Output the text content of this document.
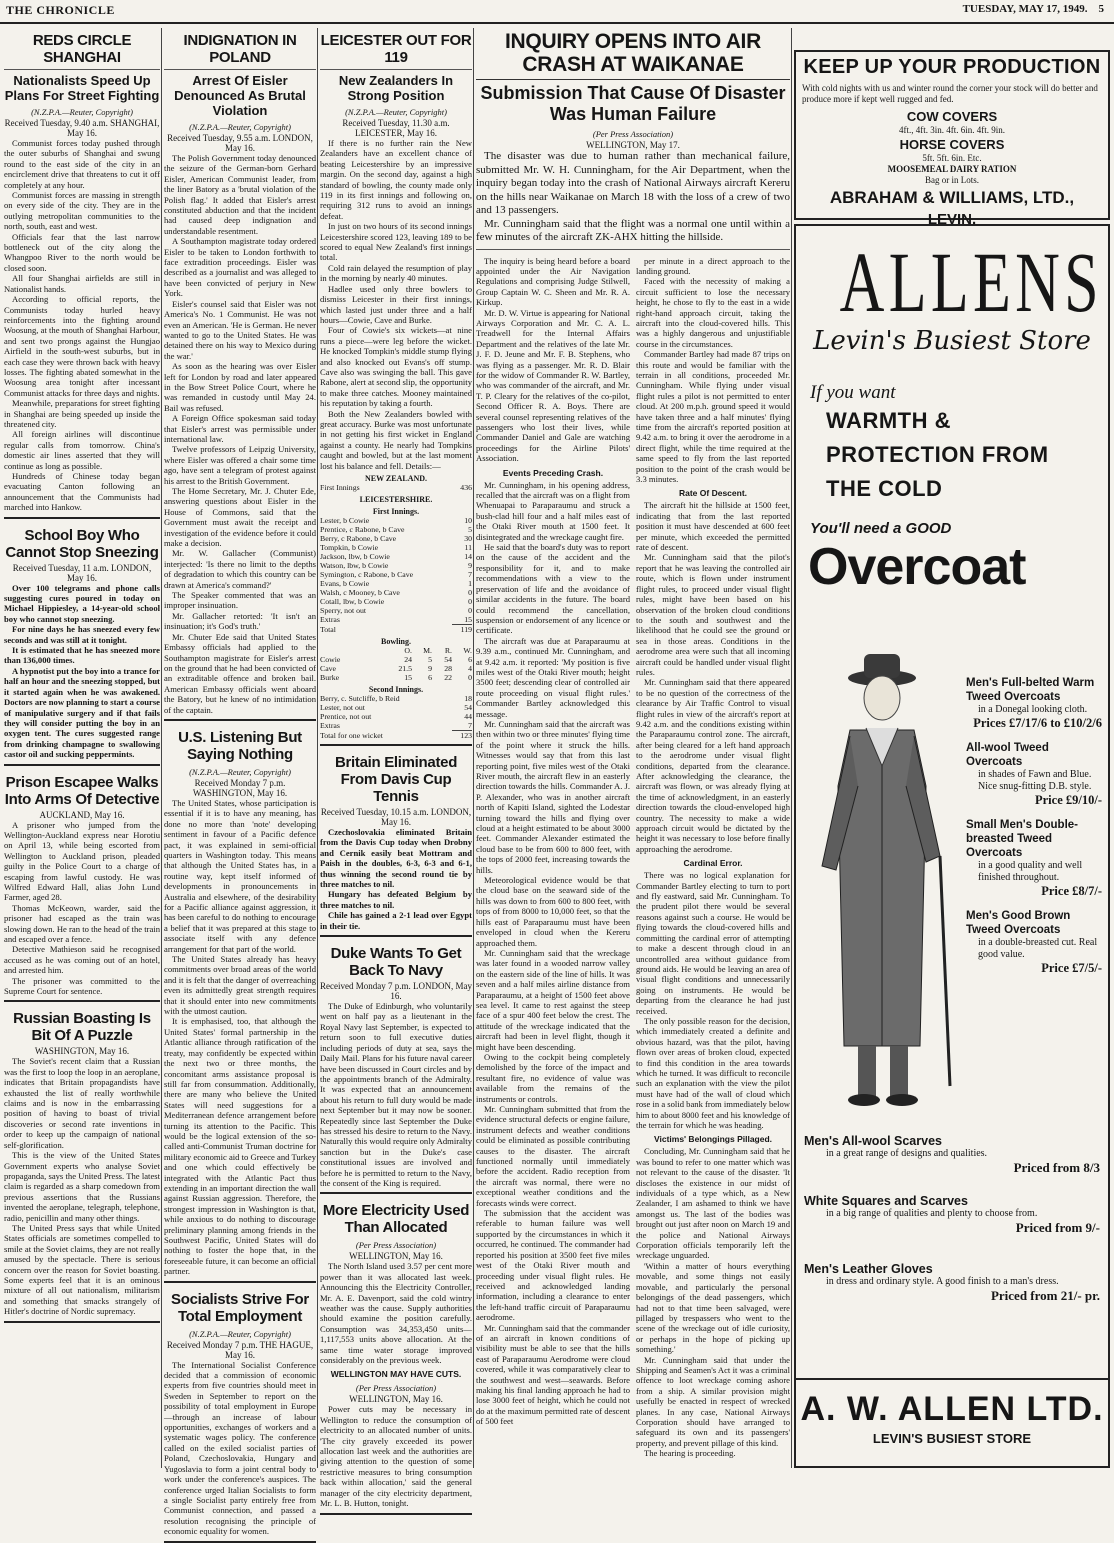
THE CHRONICLE	TUESDAY, MAY 17, 1949. 5
REDS CIRCLE SHANGHAI
Nationalists Speed Up Plans For Street Fighting
(N.Z.P.A.—Reuter, Copyright)
Received Tuesday, 9.40 a.m. SHANGHAI, May 16.

Communist forces today pushed through the outer suburbs of Shanghai and swung round to the east side of the city in an encirclement drive that threatens to cut it off completely at any hour.

Communist forces are massing in strength on every side of the city. They are in the outlying metropolitan communities to the north, south, east and west.

Officials fear that the last narrow bottleneck out of the city along the Whangpoo River to the north would be closed soon.

All four Shanghai airfields are still in Nationalist hands.

According to official reports, the Communists today hurled heavy reinforcements into the fighting around Woosung, at the mouth of Shanghai Harbour, and sent two prongs against the Hungjao Airfield in the south-west suburbs, but in each case they were thrown back with heavy losses. The fighting abated somewhat in the Woosung area tonight after incessant Communist attacks for three days and nights.

Meanwhile, preparations for street fighting in Shanghai are being speeded up inside the threatened city.

All foreign airlines will discontinue regular calls from tomorrow. China's domestic air lines asserted that they will continue as long as possible.

Hundreds of Chinese today began evacuating Canton following an announcement that the Communists had marched into Hankow.

School Boy Who Cannot Stop Sneezing
Received Tuesday, 11 a.m. LONDON, May 16.

Over 100 telegrams and phone calls suggesting cures poured in today on Michael Hippiesley, a 14-year-old school boy who cannot stop sneezing.

For nine days he has sneezed every few seconds and was still at it tonight.

It is estimated that he has sneezed more than 136,000 times.

A hypnotist put the boy into a trance for half an hour and the sneezing stopped, but it started again when he was awakened. Doctors are now planning to start a course of manipulative surgery and if that fails they will consider putting the boy in an oxygen tent. The cures suggested range from drinking champagne to swallowing castor oil and sucking peppermints.

Prison Escapee Walks Into Arms Of Detective
AUCKLAND, May 16.

A prisoner who jumped from the Wellington-Auckland express near Horotiu on April 13, while being escorted from Wellington to Auckland prison, pleaded guilty in the Police Court to a charge of escaping from lawful custody. He was Wilfred Edward Hall, alias John Lund Farmer, aged 28.

Thomas McKeown, warder, said the prisoner had escaped as the train was slowing down. He ran to the head of the train and escaped over a fence.

Detective Mathieson said he recognised accused as he was coming out of an hotel, and arrested him.

The prisoner was committed to the Supreme Court for sentence.

Russian Boasting Is Bit Of A Puzzle
WASHINGTON, May 16.

The Soviet's recent claim that a Russian was the first to loop the loop in an aeroplane, indicates that Britain propagandists have exhausted the list of really worthwhile claims and is now in the embarrassing position of having to boast of trivial discoveries or second rate inventions in order to keep up the campaign of national self-glorification.

This is the view of the United States Government experts who analyse Soviet propaganda, says the United Press. The latest claim is regarded as a sharp comedown from previous assertions that the Russians invented the aeroplane, telegraph, telephone, radio, penicillin and many other things.

The United Press says that while United States officials are sometimes compelled to smile at the Soviet claims, they are not really amused by the spectacle. There is serious concern over the reason for Soviet boasting. Some experts feel that it is an ominous mixture of all out nationalism, militarism and something that smacks strangely of Hitler's doctrine of Nordic supremacy.

INDIGNATION IN POLAND
Arrest Of Eisler Denounced As Brutal Violation
(N.Z.P.A.—Reuter, Copyright)
Received Tuesday, 9.55 a.m. LONDON, May 16.

The Polish Government today denounced the seizure of the German-born Gerhard Eisler, American Communist leader, from the liner Batory as a 'brutal violation of the Polish flag.' It added that Eisler's arrest constituted abduction and that the incident had caused deep indignation and understandable resentment.

A Southampton magistrate today ordered Eisler to be taken to London forthwith to face extradition proceedings. Eisler was described as a journalist and was alleged to have been convicted of perjury in New York.

Eisler's counsel said that Eisler was not America's No. 1 Communist. He was not even an American. 'He is German. He never wanted to go to the United States. He was detained there on his way to Mexico during the war.'

As soon as the hearing was over Eisler left for London by road and later appeared in the Bow Street Police Court, where he was remanded in custody until May 24. Bail was refused.

A Foreign Office spokesman said today that Eisler's arrest was permissible under international law.

Twelve professors of Leipzig University, where Eisler was offered a chair some time ago, have sent a telegram of protest against his arrest to the British Government.

The Home Secretary, Mr. J. Chuter Ede, answering questions about Eisler in the House of Commons, said that the Government must await the receipt and investigation of the evidence before it could make a decision.

Mr. W. Gallacher (Communist) interjected: 'Is there no limit to the depths of degradation to which this country can be drawn at America's command?'

The Speaker commented that was an improper insinuation.

Mr. Gallacher retorted: 'It isn't an insinuation; it's God's truth.'

Mr. Chuter Ede said that United States Embassy officials had applied to the Southampton magistrate for Eisler's arrest on the ground that he had been convicted of an extraditable offence and broken bail. American Embassy officials went aboard the Batory, but he knew of no intimidation of the captain.

U.S. Listening But Saying Nothing
(N.Z.P.A.—Reuter, Copyright)
Received Monday 7 p.m. WASHINGTON, May 16.

The United States, whose participation is essential if it is to have any meaning, has done no more than 'note' developing sentiment in favour of a Pacific defence pact, it was explained in semi-official quarters in Washington today. This means that although the United States has, in a routine way, kept itself informed of developments in pronouncements in Australia and elsewhere, of the desirability for a Pacific alliance against aggression, it has been careful to do nothing to encourage a belief that it was prepared at this stage to associate itself with any defence arrangement for that part of the world.

The United States already has heavy commitments over broad areas of the world and it is felt that the danger of overreaching even its admittedly great strength requires that it should enter into new commitments with the utmost caution.

It is emphasised, too, that although the United States' formal partnership in the Atlantic alliance through ratification of the treaty, may confidently be expected within the next two or three months, the concomitant arms assistance proposal is still far from consummation. Additionally, there are many who believe the United States will need suggestions for a Mediterranean defence arrangement before turning its attention to the Pacific. This would be the logical extension of the so-called anti-Communist Truman doctrine for military economic aid to Greece and Turkey and one which could effectively be integrated with the Atlantic Pact thus extending in an important direction the wall against Russian aggression. Therefore, the strongest impression in Washington is that, while anxious to do nothing to discourage preliminary planning among friends in the Southwest Pacific, United States will do nothing to foster the hope that, in the foreseeable future, it can become an official partner.

Socialists Strive For Total Employment
(N.Z.P.A.—Reuter, Copyright)
Received Monday 7 p.m. THE HAGUE, May 16.

The International Socialist Conference decided that a commission of economic experts from five countries should meet in Sweden in September to report on the possibility of total employment in Europe—through an increase of labour opportunities, exchanges of workers and a systematic wages policy. The conference called on the exiled socialist parties of Poland, Czechoslovakia, Hungary and Yugoslavia to form a joint central body to work under the conference's auspices. The conference urged Italian Socialists to form a single Socialist party entirely free from Communist connection, and passed a resolution recognising the principle of economic equality for women.

LEICESTER OUT FOR 119
New Zealanders In Strong Position
(N.Z.P.A.—Reuter, Copyright)
Received Tuesday, 11.30 a.m. LEICESTER, May 16.

If there is no further rain the New Zealanders have an excellent chance of beating Leicestershire by an impressive margin. On the second day, against a high standard of bowling, the county made only 119 in its first innings and following on, requiring 312 runs to avoid an innings defeat.

In just on two hours of its second innings Leicestershire scored 123, leaving 189 to be scored to equal New Zealand's first innings total.

Cold rain delayed the resumption of play in the morning by nearly 40 minutes.

Hadlee used only three bowlers to dismiss Leicester in their first innings, which lasted just under three and a half hours—Cowie, Cave and Burke.

Four of Cowie's six wickets—at nine runs a piece—were leg before the wicket. He knocked Tompkin's middle stump flying and also knocked out Evans's off stump. Cave also was swinging the ball. This gave Rabone, alert at second slip, the opportunity to make three catches. Mooney maintained his reputation by taking a fourth.

Both the New Zealanders bowled with great accuracy. Burke was most unfortunate in not getting his first wicket in England against a county. He nearly had Tompkins caught and bowled, but at the last moment lost his balance and fell. Details:—

NEW ZEALAND.
First Innings	436
LEICESTERSHIRE.
First Innings.
Lester, b Cowie	10
Prentice, c Rabone, b Cave	5
Berry, c Rabone, b Cave	30
Tompkin, b Cowie	11
Jackson, lbw, b Cowie	14
Watson, lbw, b Cowie	9
Symington, c Rabone, b Cave	7
Evans, b Cowie	1
Walsh, c Mooney, b Cave	0
Cotall, lbw, b Cowie	0
Sperry, not out	0
Extras	15
Total	119
Bowling.
	O.	M.	R.	W.
Cowie	24	5	54	6
Cave	21.5	9	28	4
Burke	15	6	22	0
Second Innings.
Berry, c. Sutcliffe, b Reid	18
Lester, not out	54
Prentice, not out	44
Extras	7
Total for one wicket	123
Britain Eliminated From Davis Cup Tennis
Received Tuesday, 10.15 a.m. LONDON, May 16.

Czechoslovakia eliminated Britain from the Davis Cup today when Drobny and Cernik easily beat Mottram and Paish in the doubles, 6-3, 6-3 and 6-1, thus winning the second round tie by three matches to nil.

Hungary has defeated Belgium by three matches to nil.

Chile has gained a 2-1 lead over Egypt in their tie.

Duke Wants To Get Back To Navy
Received Monday 7 p.m. LONDON, May 16.

The Duke of Edinburgh, who voluntarily went on half pay as a lieutenant in the Royal Navy last September, is expected to return soon to full executive duties including periods of duty at sea, says the Daily Mail. Plans for his future naval career have been discussed in Court circles and by the appointments branch of the Admiralty. It was expected that an announcement about his return to full duty would be made next September but it may now be sooner. Repeatedly since last September the Duke has stressed his desire to return to the Navy. Naturally this would require only Admiralty sanction but in the Duke's case constitutional issues are involved and before he is permitted to return to the Navy, the consent of the King is required.

More Electricity Used Than Allocated
(Per Press Association)
WELLINGTON, May 16.

The North Island used 3.57 per cent more power than it was allocated last week. Announcing this the Electricity Controller, Mr. A. E. Davenport, said the cold wintry weather was the cause. Supply authorities should examine the position carefully. Consumption was 34,353,450 units—1,117,553 units above allocation. At the same time water storage improved considerably on the previous week.

WELLINGTON MAY HAVE CUTS.
(Per Press Association)
WELLINGTON, May 16.

Power cuts may be necessary in Wellington to reduce the consumption of electricity to an allocated number of units. 'The city gravely exceeded its power allocation last week and the authorities are giving attention to the question of some restrictive measures to bring consumption back within allocation,' said the general manager of the city electricity department, Mr. L. B. Hutton, tonight.

INQUIRY OPENS INTO AIR CRASH AT WAIKANAE
Submission That Cause Of Disaster Was Human Failure
(Per Press Association)
WELLINGTON, May 17.

The disaster was due to human rather than mechanical failure, submitted Mr. W. H. Cunningham, for the Air Department, when the inquiry began today into the crash of National Airways aircraft Kereru on the hills near Waikanae on March 18 with the loss of a crew of two and 13 passengers.

Mr. Cunningham said that the flight was a normal one until within a few minutes of the aircraft ZK-AHX hitting the hillside.

The inquiry is being heard before a board appointed under the Air Navigation Regulations and comprising Judge Stilwell, Group Captain W. C. Sheen and Mr. R. A. Kirkup.

Mr. D. W. Virtue is appearing for National Airways Corporation and Mr. C. A. L. Treadwell for the Internal Affairs Department and the relatives of the late Mr. J. F. D. Jeune and Mr. F. B. Stephens, who was flying as a passenger. Mr. R. D. Blair for the widow of Commander R. W. Bartley, who was commander of the aircraft, and Mr. T. P. Cleary for the relatives of the co-pilot, Second Officer R. A. Boys. There are several counsel representing relatives of the passengers who lost their lives, while Commander Daniel and Gale are watching proceedings for the Airline Pilots' Association.

Events Preceding Crash.

Mr. Cunningham, in his opening address, recalled that the aircraft was on a flight from Whenuapai to Paraparaumu and struck a bush-clad hill four and a half miles east of the Otaki River mouth at 1500 feet. It disintegrated and the wreckage caught fire.

He said that the board's duty was to report on the cause of the accident and the responsibility for it, and to make recommendations with a view to the preservation of life and the avoidance of similar accidents in the future. The board could recommend the cancellation, suspension or endorsement of any licence or certificate.

The aircraft was due at Paraparaumu at 9.39 a.m., continued Mr. Cunningham, and at 9.42 a.m. it reported: 'My position is five miles west of the Otaki River mouth; height 3500 feet; descending clear of controlled air route proceeding on visual flight rules.' Commander Bartley acknowledged this message.

Mr. Cunningham said that the aircraft was then within two or three minutes' flying time of the point where it struck the hills. Witnesses would say that from this last reporting point, five miles west of the Otaki River mouth, the aircraft flew in an easterly direction towards the hills. Commander A. J. P. Alexander, who was in another aircraft north of Kapiti Island, sighted the Lodestar turning toward the hills and flying over cloud at a height estimated to be about 3000 feet. Commander Alexander estimated the cloud base to be from 600 to 800 feet, with the tops of 2000 feet, increasing towards the hills.

Meteorological evidence would be that the cloud base on the seaward side of the hills was down to from 600 to 800 feet, with tops of from 8000 to 10,000 feet, so that the hills east of Paraparaumu must have been enveloped in cloud when the Kereru approached them.

Mr. Cunningham said that the wreckage was later found in a wooded narrow valley on the eastern side of the line of hills. It was seven and a half miles airline distance from Paraparaumu, at a height of 1500 feet above sea level. It came to rest against the steep face of a spur 400 feet below the crest. The attitude of the wreckage indicated that the aircraft had been in level flight, though it might have been descending.

Owing to the cockpit being completely demolished by the force of the impact and resultant fire, no evidence of value was available from the remains of the instruments or controls.

Mr. Cunningham submitted that from the evidence structural defects or engine failure, instrument defects and weather conditions could be eliminated as possible contributing causes to the disaster. The aircraft functioned normally until immediately before the accident. Radio reception from the aircraft was normal, there were no exceptional weather conditions and the forecasts winds were correct.

The submission that the accident was referable to human failure was well supported by the circumstances in which it occurred, he continued. The commander had reported his position at 3500 feet five miles west of the Otaki River mouth and proceeding under visual flight rules. He received and acknowledged landing information, including a clearance to enter the left-hand traffic circuit of Paraparaumu aerodrome.

Mr. Cunningham said that the commander of an aircraft in known conditions of visibility must be able to see that the hills east of Paraparaumu Aerodrome were cloud covered, while it was comparatively clear to the southwest and west—seawards. Before making his final landing approach he had to lose 3000 feet of height, which he could not do at the maximum permitted rate of descent of 500 feet

per minute in a direct approach to the landing ground.

Faced with the necessity of making a circuit sufficient to lose the necessary height, he chose to fly to the east in a wide right-hand approach circuit, taking the aircraft into the cloud-covered hills. This was a highly dangerous and unjustifiable course in the circumstances.

Commander Bartley had made 87 trips on this route and would be familiar with the terrain in all conditions, proceeded Mr. Cunningham. While flying under visual flight rules a pilot is not permitted to enter cloud. At 200 m.p.h. ground speed it would have taken three and a half minutes' flying time from the aircraft's reported position at 9.42 a.m. to bring it over the aerodrome in a direct flight, while the time required at the same speed to fly from the last reported position to the point of the crash would be 3.3 minutes.

Rate Of Descent.

The aircraft hit the hillside at 1500 feet, indicating that from the last reported position it must have descended at 600 feet per minute, which exceeded the permitted rate of descent.

Mr. Cunningham said that the pilot's report that he was leaving the controlled air route, which is flown under instrument flight rules, to proceed under visual flight rules, might have been based on his observation of the broken cloud conditions to the south and southwest and the likelihood that he could see the ground or sea in those areas. Conditions in the aerodrome area were such that all incoming aircraft could be handled under visual flight rules.

Mr. Cunningham said that there appeared to be no question of the correctness of the clearance by Air Traffic Control to visual flight rules in view of the aircraft's report at 9.42 a.m. and the conditions existing within the Paraparaumu control zone. The aircraft, after being cleared for a left hand approach to the aerodrome under visual flight conditions, departed from the clearance. After acknowledging the clearance, the aircraft was flown, or was already flying at the time of acknowledgment, in an easterly direction towards the cloud-enveloped high country. The necessity to make a wide approach circuit would be dictated by the height it was necessary to lose before finally approaching the aerodrome.

Cardinal Error.

There was no logical explanation for Commander Bartley electing to turn to port and fly eastward, said Mr. Cunningham. To the prudent pilot there would be several reasons against such a course. He would be flying towards the cloud-covered hills and committing the cardinal error of attempting to make a descent through cloud in an uncontrolled area without guidance from ground aids. He would be leaving an area of visual flight conditions and unnecessarily going on instruments. He would be departing from the clearance he had just received.

The only possible reason for the decision, which immediately created a definite and obvious hazard, was that the pilot, having flown over areas of broken cloud, expected to find this condition in the area towards which he turned. It was difficult to reconcile such an explanation with the view the pilot must have had of the wall of cloud which rose in a solid bank from immediately below him to about 8000 feet and his knowledge of the terrain for which he was heading.

Victims' Belongings Pillaged.

Concluding, Mr. Cunningham said that he was bound to refer to one matter which was not relevant to the cause of the disaster. 'It discloses the existence in our midst of individuals of a type which, as a New Zealander, I am ashamed to think we have amongst us. The last of the bodies was brought out just after noon on March 19 and the police and National Airways Corporation officials temporarily left the wreckage unguarded.

'Within a matter of hours everything movable, and some things not easily movable, and particularly the personal belongings of the dead passengers, which had not to that time been salvaged, were pillaged by trespassers who went to the scene of the wreckage out of idle curiosity, or perhaps in the hope of picking up something.'

Mr. Cunningham said that under the Shipping and Seamen's Act it was a criminal offence to loot wreckage coming ashore from a ship. A similar provision might usefully be enacted in respect of wrecked planes. In any case, National Airways Corporation should have arranged to safeguard its own and its passengers' property, and prevent pillage of this kind.

The hearing is proceeding.

KEEP UP YOUR PRODUCTION
With cold nights with us and winter round the corner your stock will do better and produce more if kept well rugged and fed.
COW COVERS
4ft., 4ft. 3in. 4ft. 6in. 4ft. 9in.
HORSE COVERS
5ft. 5ft. 6in. Etc.
MOOSEMEAL DAIRY RATION
Bag or in Lots.
ABRAHAM & WILLIAMS, LTD.,
LEVIN.
ALLENS
Levin's Busiest Store
If you want
WARMTH &
PROTECTION FROM
THE COLD
You'll need a GOOD
Overcoat
Men's Full-belted Warm Tweed Overcoats
in a Donegal looking cloth.
Prices £7/17/6 to £10/2/6
All-wool Tweed Overcoats
in shades of Fawn and Blue. Nice snug-fitting D.B. style.
Price £9/10/-
Small Men's Double-breasted Tweed Overcoats
in a good quality and well finished throughout.
Price £8/7/-
Men's Good Brown Tweed Overcoats
in a double-breasted cut. Real good value.
Price £7/5/-
Men's All-wool Scarves
in a great range of designs and qualities.
Priced from 8/3
White Squares and Scarves
in a big range of qualities and plenty to choose from.
Priced from 9/-
Men's Leather Gloves
in dress and ordinary style. A good finish to a man's dress.
Priced from 21/- pr.
A. W. ALLEN LTD.
LEVIN'S BUSIEST STORE
